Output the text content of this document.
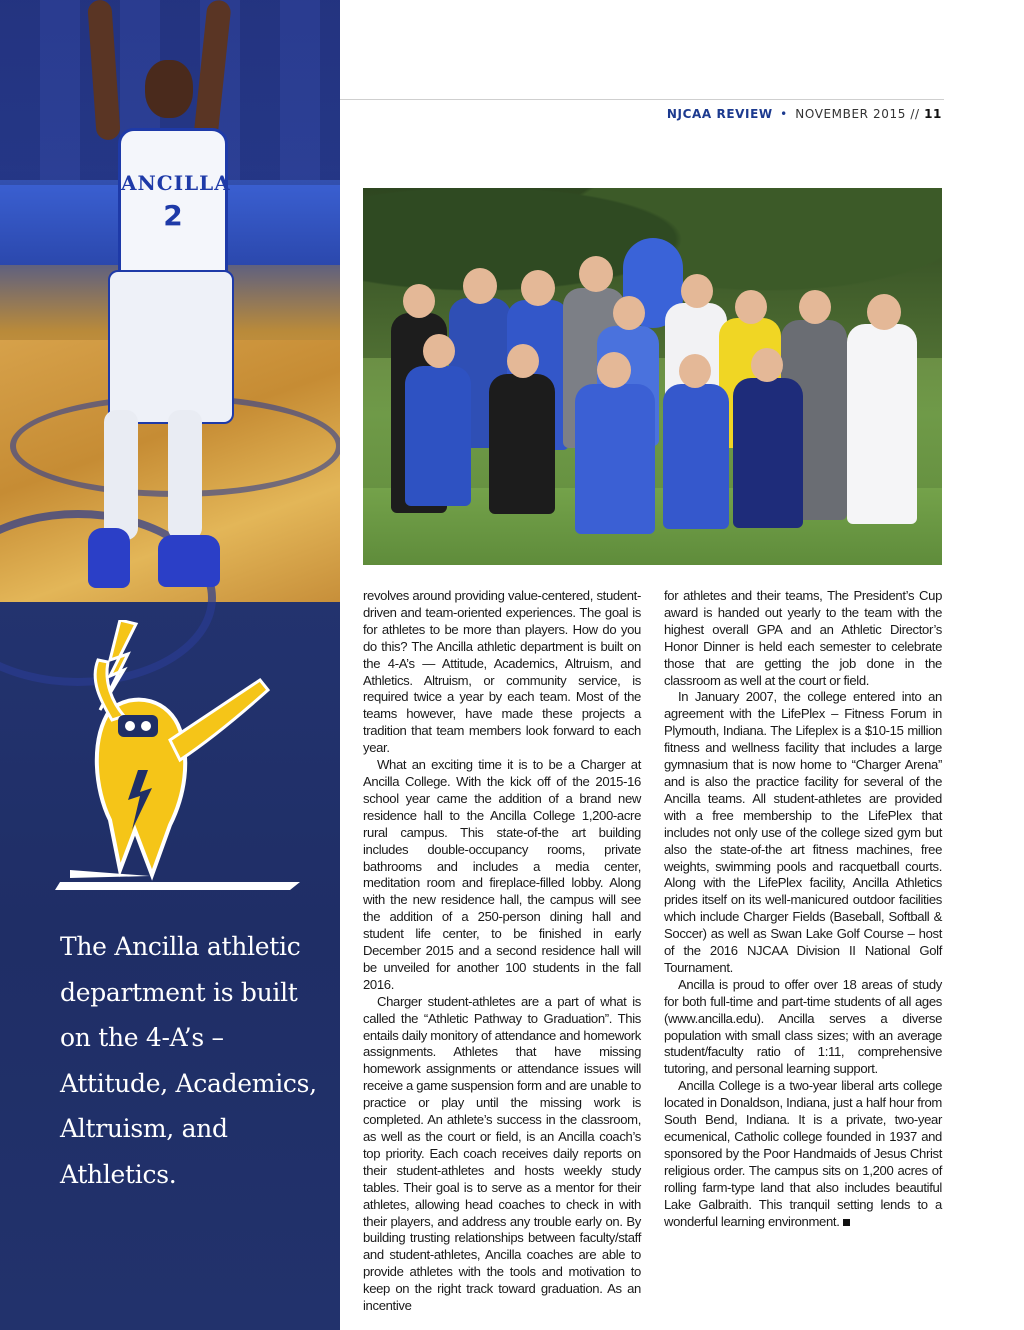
ANCILLA
2
The Ancilla athletic department is built on the 4-A’s – Attitude, Academics, Altruism, and Athletics.
NJCAA REVIEW • NOVEMBER 2015 // 11

revolves around providing value-centered, student-driven and team-oriented experiences. The goal is for athletes to be more than players. How do you do this? The Ancilla athletic department is built on the 4-A’s — Attitude, Academics, Altruism, and Athletics. Altruism, or community service, is required twice a year by each team. Most of the teams however, have made these projects a tradition that team members look forward to each year.

What an exciting time it is to be a Charger at Ancilla College. With the kick off of the 2015-16 school year came the addition of a brand new residence hall to the Ancilla College 1,200-acre rural campus. This state-of-the art building includes double-occupancy rooms, private bathrooms and includes a media center, meditation room and fireplace-filled lobby. Along with the new residence hall, the campus will see the addition of a 250-person dining hall and student life center, to be finished in early December 2015 and a second residence hall will be unveiled for another 100 students in the fall 2016.

Charger student-athletes are a part of what is called the “Athletic Pathway to Graduation”. This entails daily monitory of attendance and homework assignments. Athletes that have missing homework assignments or attendance issues will receive a game suspension form and are unable to practice or play until the missing work is completed. An athlete’s success in the classroom, as well as the court or field, is an Ancilla coach’s top priority. Each coach receives daily reports on their student-athletes and hosts weekly study tables. Their goal is to serve as a mentor for their athletes, allowing head coaches to check in with their players, and address any trouble early on. By building trusting relationships between faculty/staff and student-athletes, Ancilla coaches are able to provide athletes with the tools and motivation to keep on the right track toward graduation. As an incentive

for athletes and their teams, The President’s Cup award is handed out yearly to the team with the highest overall GPA and an Athletic Director’s Honor Dinner is held each semester to celebrate those that are getting the job done in the classroom as well at the court or field.

In January 2007, the college entered into an agreement with the LifePlex – Fitness Forum in Plymouth, Indiana. The Lifeplex is a $10-15 million fitness and wellness facility that includes a large gymnasium that is now home to “Charger Arena” and is also the practice facility for several of the Ancilla teams. All student-athletes are provided with a free membership to the LifePlex that includes not only use of the college sized gym but also the state-of-the art fitness machines, free weights, swimming pools and racquetball courts. Along with the LifePlex facility, Ancilla Athletics prides itself on its well-manicured outdoor facilities which include Charger Fields (Baseball, Softball & Soccer) as well as Swan Lake Golf Course – host of the 2016 NJCAA Division II National Golf Tournament.

Ancilla is proud to offer over 18 areas of study for both full-time and part-time students of all ages (www.ancilla.edu). Ancilla serves a diverse population with small class sizes; with an average student/faculty ratio of 1:11, comprehensive tutoring, and personal learning support.

Ancilla College is a two-year liberal arts college located in Donaldson, Indiana, just a half hour from South Bend, Indiana. It is a private, two-year ecumenical, Catholic college founded in 1937 and sponsored by the Poor Handmaids of Jesus Christ religious order. The campus sits on 1,200 acres of rolling farm-type land that also includes beautiful Lake Galbraith. This tranquil setting lends to a wonderful learning environment.
